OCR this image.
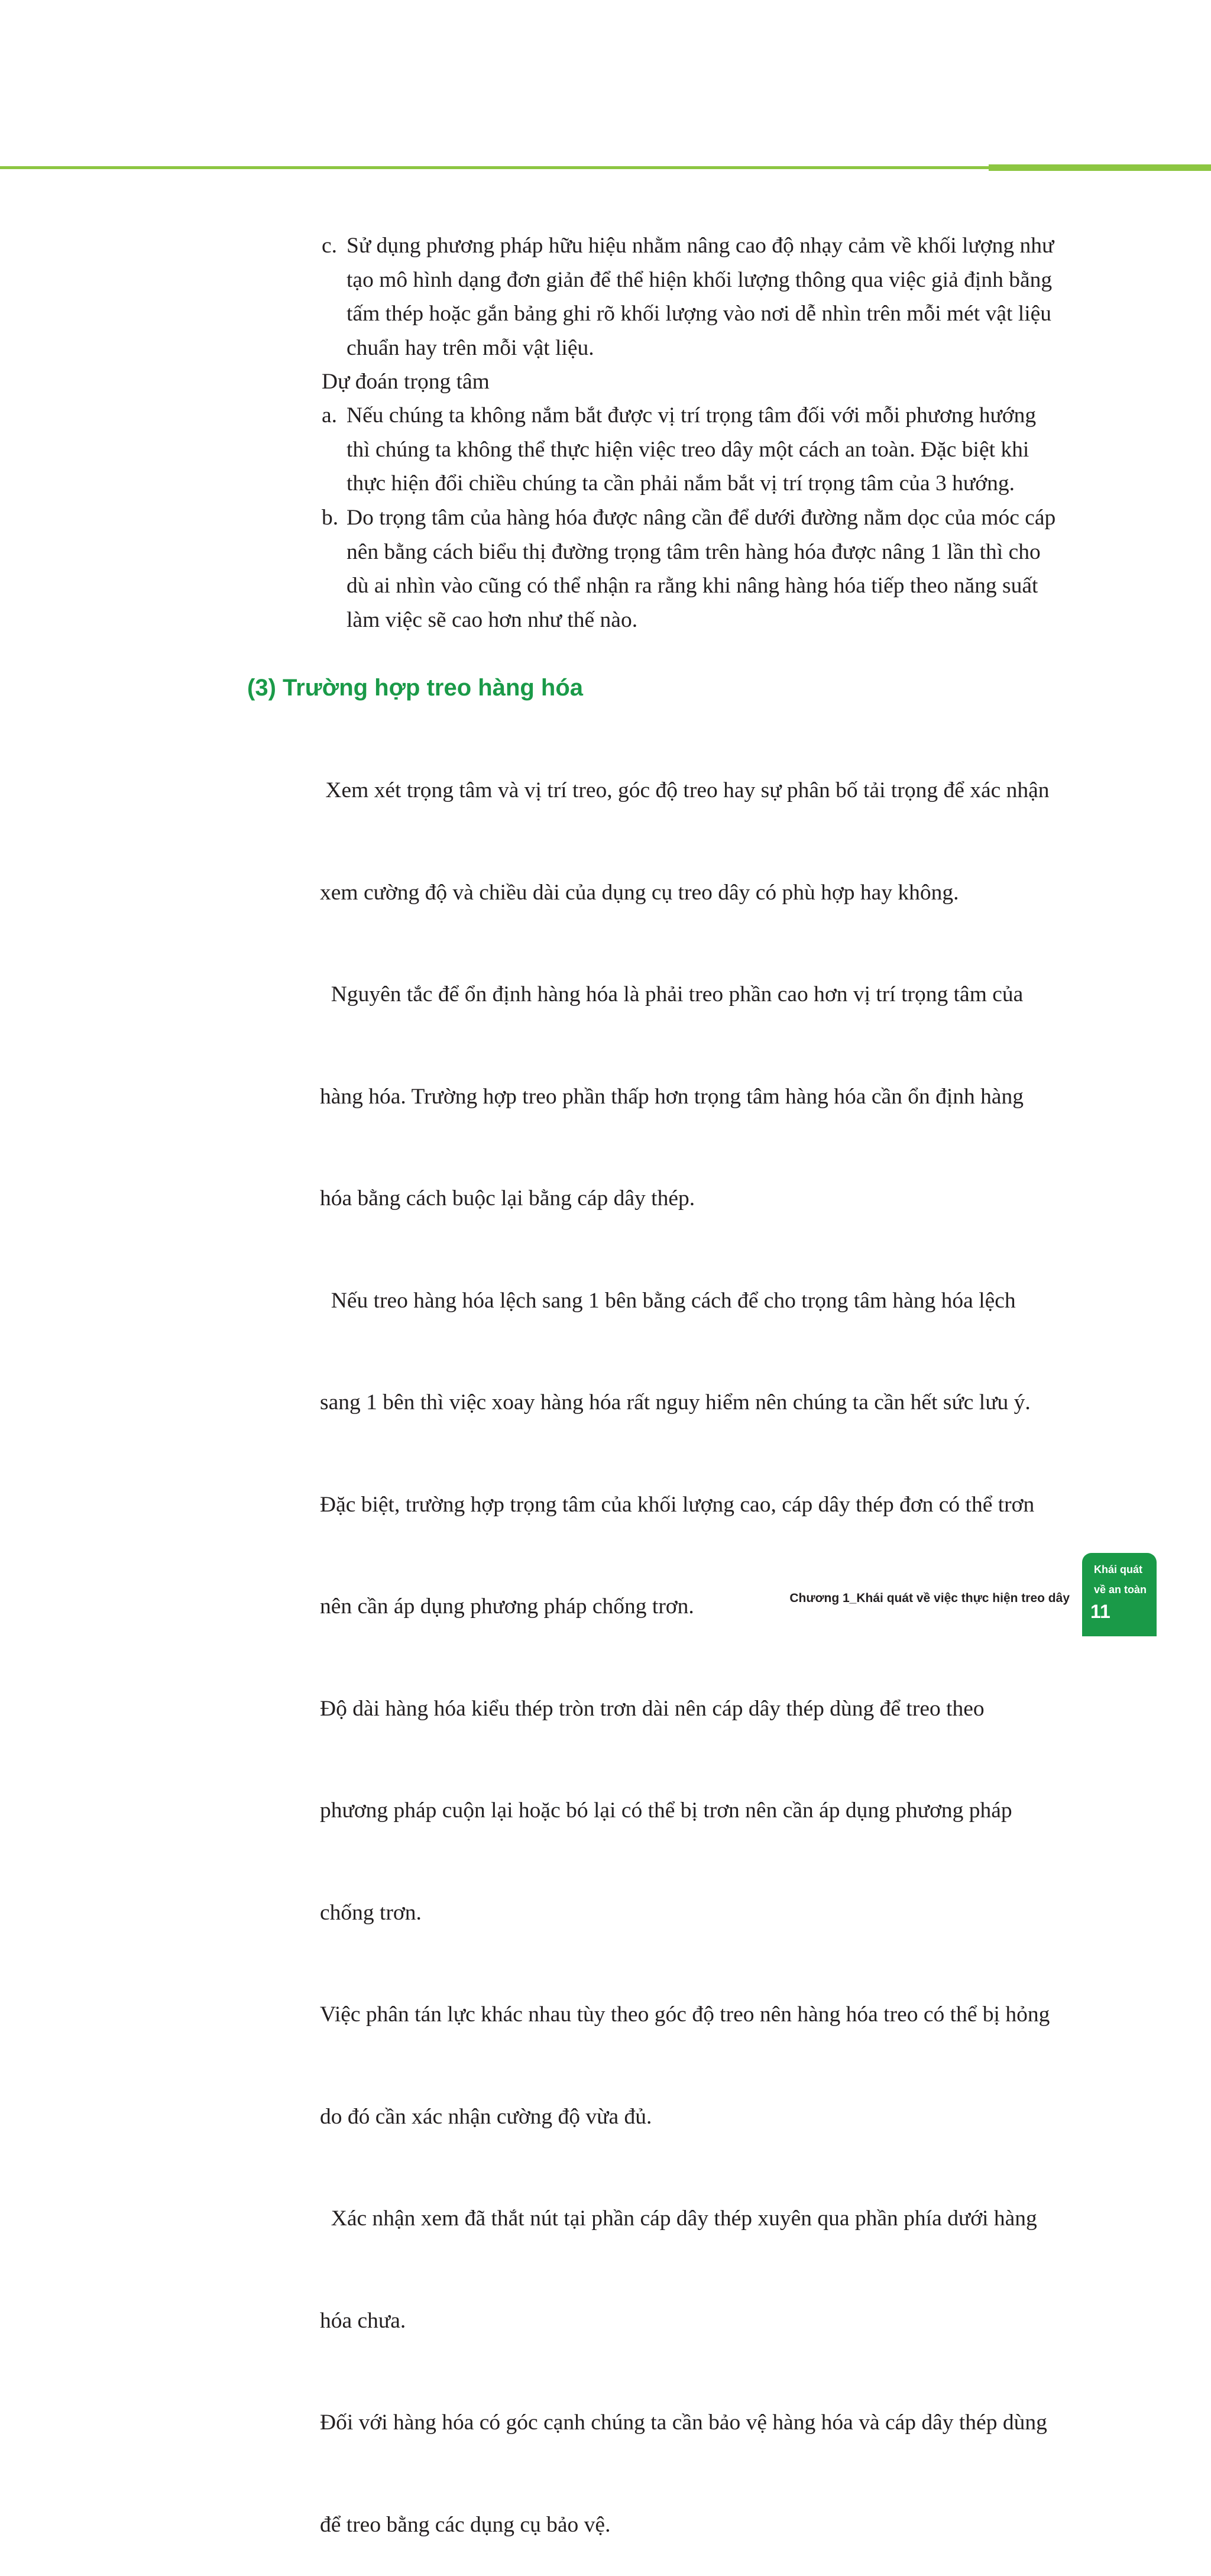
c. Sử dụng phương pháp hữu hiệu nhằm nâng cao độ nhạy cảm về khối lượng như
tạo mô hình dạng đơn giản để thể hiện khối lượng thông qua việc giả định bằng
tấm thép hoặc gắn bảng ghi rõ khối lượng vào nơi dễ nhìn trên mỗi mét vật liệu
chuẩn hay trên mỗi vật liệu.
Dự đoán trọng tâm
a. Nếu chúng ta không nắm bắt được vị trí trọng tâm đối với mỗi phương hướng
thì chúng ta không thể thực hiện việc treo dây một cách an toàn. Đặc biệt khi
thực hiện đổi chiều chúng ta cần phải nắm bắt vị trí trọng tâm của 3 hướng.
b. Do trọng tâm của hàng hóa được nâng cần để dưới đường nằm dọc của móc cáp
nên bằng cách biểu thị đường trọng tâm trên hàng hóa được nâng 1 lần thì cho
dù ai nhìn vào cũng có thể nhận ra rằng khi nâng hàng hóa tiếp theo năng suất
làm việc sẽ cao hơn như thế nào.
(3) Trường hợp treo hàng hóa

Xem xét trọng tâm và vị trí treo, góc độ treo hay sự phân bố tải trọng để xác nhận

xem cường độ và chiều dài của dụng cụ treo dây có phù hợp hay không.

Nguyên tắc để ổn định hàng hóa là phải treo phần cao hơn vị trí trọng tâm của

hàng hóa. Trường hợp treo phần thấp hơn trọng tâm hàng hóa cần ổn định hàng

hóa bằng cách buộc lại bằng cáp dây thép.

Nếu treo hàng hóa lệch sang 1 bên bằng cách để cho trọng tâm hàng hóa lệch

sang 1 bên thì việc xoay hàng hóa rất nguy hiểm nên chúng ta cần hết sức lưu ý.

Đặc biệt, trường hợp trọng tâm của khối lượng cao, cáp dây thép đơn có thể trơn

nên cần áp dụng phương pháp chống trơn.

Độ dài hàng hóa kiểu thép tròn trơn dài nên cáp dây thép dùng để treo theo

phương pháp cuộn lại hoặc bó lại có thể bị trơn nên cần áp dụng phương pháp

chống trơn.

Việc phân tán lực khác nhau tùy theo góc độ treo nên hàng hóa treo có thể bị hỏng

do đó cần xác nhận cường độ vừa đủ.

Xác nhận xem đã thắt nút tại phần cáp dây thép xuyên qua phần phía dưới hàng

hóa chưa.

Đối với hàng hóa có góc cạnh chúng ta cần bảo vệ hàng hóa và cáp dây thép dùng

để treo bằng các dụng cụ bảo vệ.

Chương 1_Khái quát về việc thực hiện treo dây
Khái quát
về an toàn
11
